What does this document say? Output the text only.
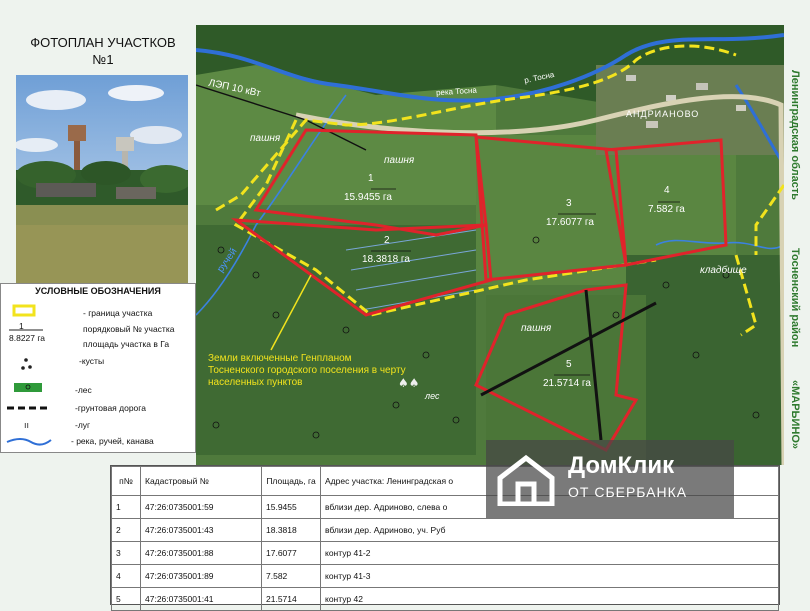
ФОТОПЛАН УЧАСТКОВ
№1
УСЛОВНЫЕ ОБОЗНАЧЕНИЯ
ıı
1
8.8227 га
- граница участка
порядковый № участка
площадь участка в Га
-кусты
-лес
-грунтовая дорога
-луг
- река, ручей, канава
♠♠
ЛЭП 10 кВт	река Тосна
р. Тосна
АНДРИАНОВО
пашня
пашня
пашня
ручей	кладбище
лес
Земли включенные Генпланом Тосненского городского поселения в черту населенных пунктов
1
15.9455 га
2
18.3818 га
3
17.6077 га
4
7.582 га
5
21.5714 га
Ленинградская область
Тосненский район
«МАРЬИНО»
п№	Кадастровый №	Площадь, га	Адрес участка: Ленинградская о
1	47:26:0735001:59	15.9455	вблизи дер. Адриново, слева о
2	47:26:0735001:43	18.3818	вблизи дер. Адриново, уч. Руб
3	47:26:0735001:88	17.6077	контур 41-2
4	47:26:0735001:89	7.582	контур 41-3
5	47:26:0735001:41	21.5714	контур 42
ДомКлик
ОТ СБЕРБАНКА
